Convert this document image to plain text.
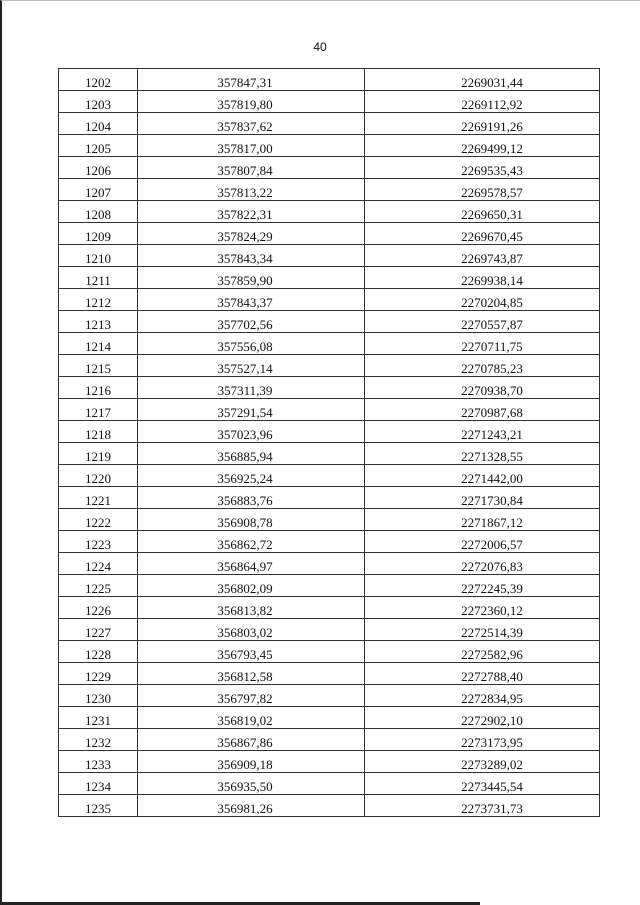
40
1202	357847,31	2269031,44
1203	357819,80	2269112,92
1204	357837,62	2269191,26
1205	357817,00	2269499,12
1206	357807,84	2269535,43
1207	357813,22	2269578,57
1208	357822,31	2269650,31
1209	357824,29	2269670,45
1210	357843,34	2269743,87
1211	357859,90	2269938,14
1212	357843,37	2270204,85
1213	357702,56	2270557,87
1214	357556,08	2270711,75
1215	357527,14	2270785,23
1216	357311,39	2270938,70
1217	357291,54	2270987,68
1218	357023,96	2271243,21
1219	356885,94	2271328,55
1220	356925,24	2271442,00
1221	356883,76	2271730,84
1222	356908,78	2271867,12
1223	356862,72	2272006,57
1224	356864,97	2272076,83
1225	356802,09	2272245,39
1226	356813,82	2272360,12
1227	356803,02	2272514,39
1228	356793,45	2272582,96
1229	356812,58	2272788,40
1230	356797,82	2272834,95
1231	356819,02	2272902,10
1232	356867,86	2273173,95
1233	356909,18	2273289,02
1234	356935,50	2273445,54
1235	356981,26	2273731,73
